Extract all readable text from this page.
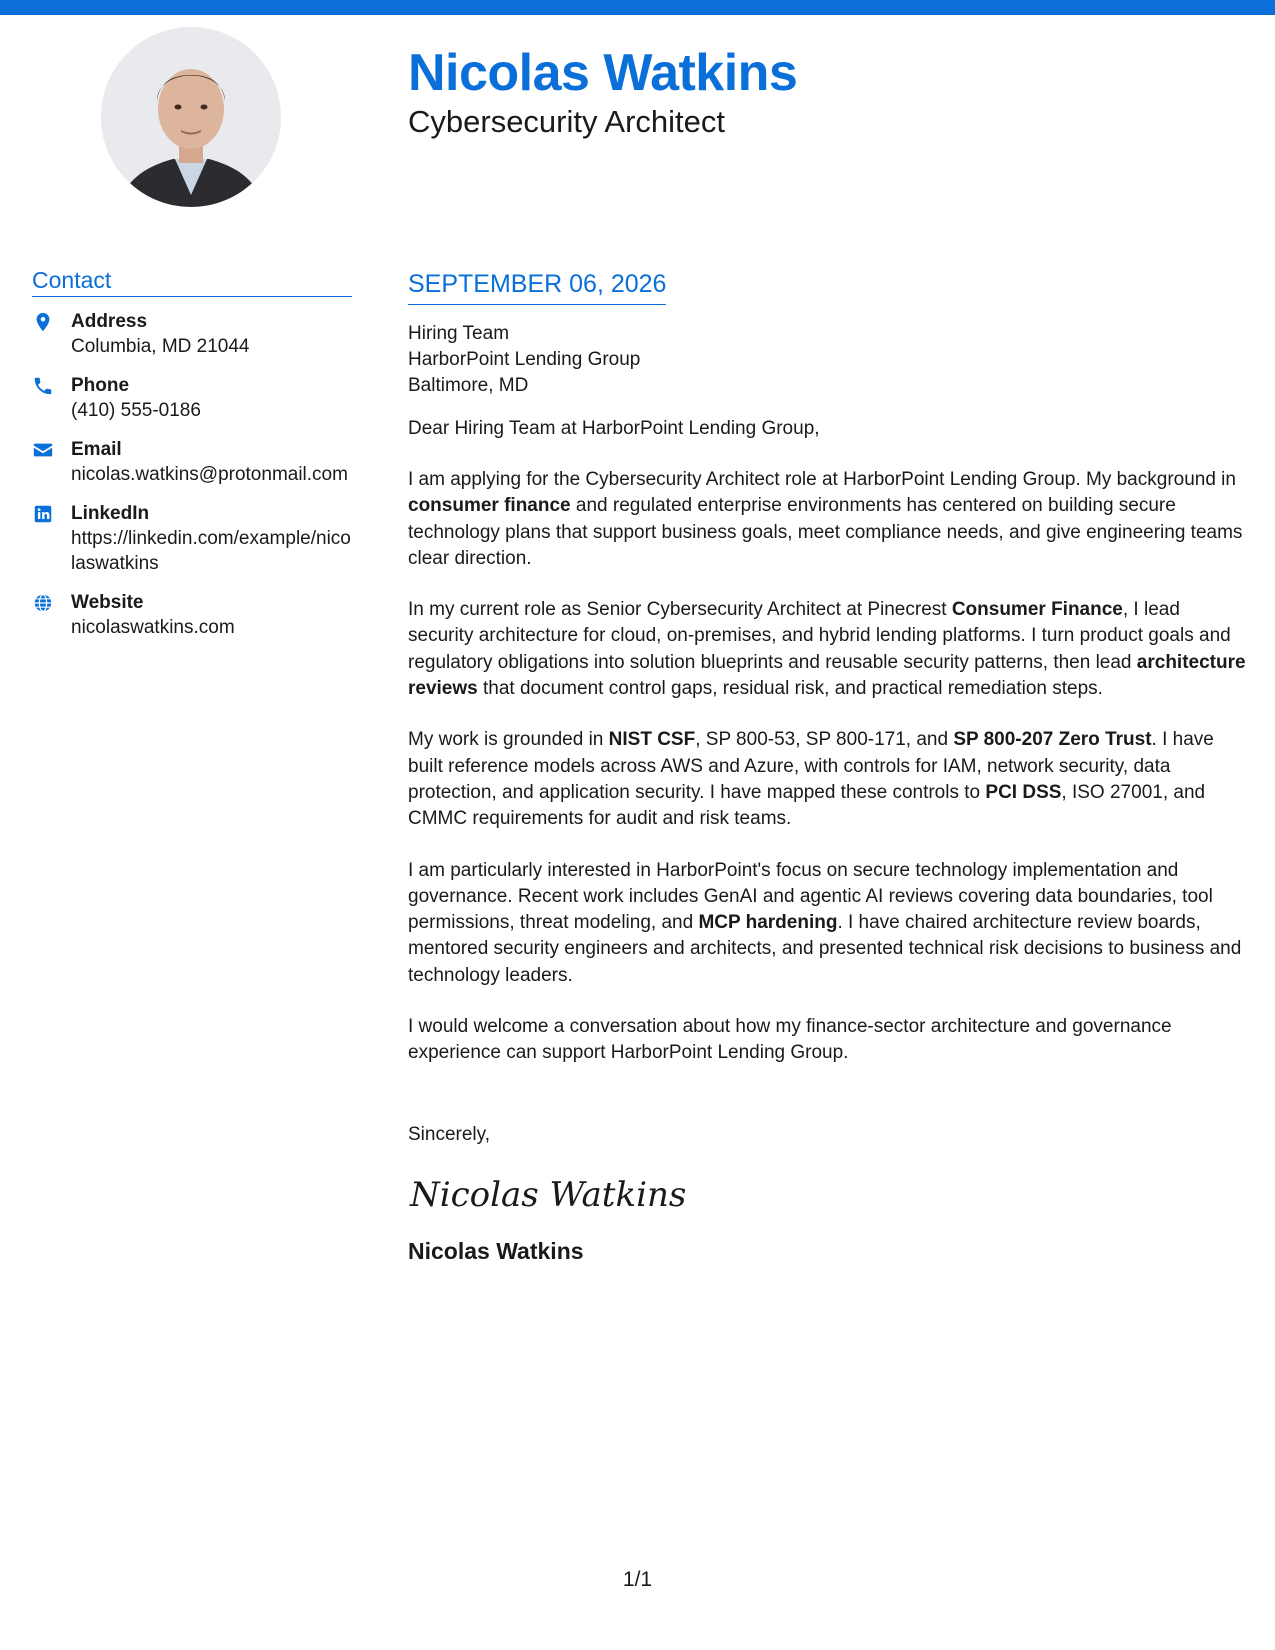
Nicolas Watkins
Cybersecurity Architect
Contact
Address
Columbia, MD 21044
Phone
(410) 555-0186
Email
nicolas.watkins@protonmail.com
LinkedIn
https://linkedin.com/example/nicolaswatkins
Website
nicolaswatkins.com
SEPTEMBER 06, 2026
Hiring Team
HarborPoint Lending Group
Baltimore, MD

Dear Hiring Team at HarborPoint Lending Group,

I am applying for the Cybersecurity Architect role at HarborPoint Lending Group. My background in consumer finance and regulated enterprise environments has centered on building secure technology plans that support business goals, meet compliance needs, and give engineering teams clear direction.

In my current role as Senior Cybersecurity Architect at Pinecrest Consumer Finance, I lead security architecture for cloud, on-premises, and hybrid lending platforms. I turn product goals and regulatory obligations into solution blueprints and reusable security patterns, then lead architecture reviews that document control gaps, residual risk, and practical remediation steps.

My work is grounded in NIST CSF, SP 800-53, SP 800-171, and SP 800-207 Zero Trust. I have built reference models across AWS and Azure, with controls for IAM, network security, data protection, and application security. I have mapped these controls to PCI DSS, ISO 27001, and CMMC requirements for audit and risk teams.

I am particularly interested in HarborPoint's focus on secure technology implementation and governance. Recent work includes GenAI and agentic AI reviews covering data boundaries, tool permissions, threat modeling, and MCP hardening. I have chaired architecture review boards, mentored security engineers and architects, and presented technical risk decisions to business and technology leaders.

I would welcome a conversation about how my finance-sector architecture and governance experience can support HarborPoint Lending Group.

Sincerely,

Nicolas Watkins

Nicolas Watkins

1/1
